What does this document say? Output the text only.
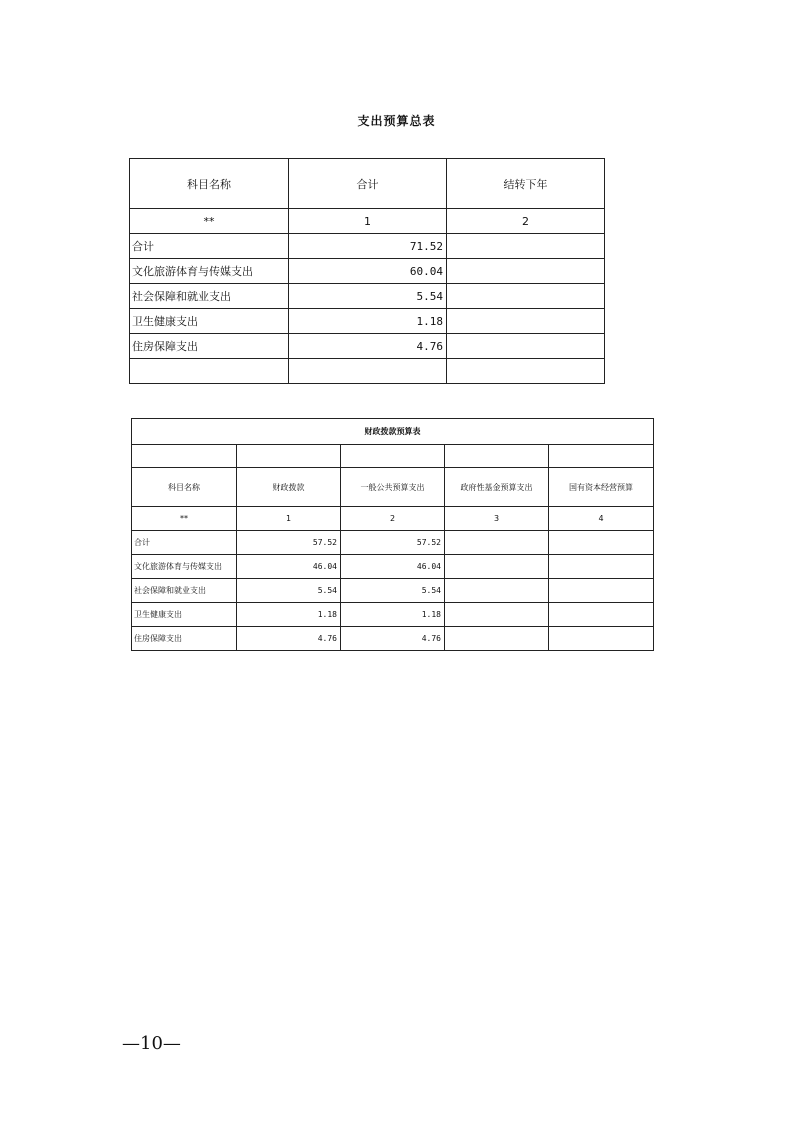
支出预算总表
科目名称	合计	结转下年
**	1	2
合计	71.52	
文化旅游体育与传媒支出	60.04	
社会保障和就业支出	5.54	
卫生健康支出	1.18	
住房保障支出	4.76	

财政拨款预算表				

科目名称	财政拨款	一般公共预算支出	政府性基金预算支出	国有资本经营预算
**	1	2	3	4
合计	57.52	57.52		
文化旅游体育与传媒支出	46.04	46.04		
社会保障和就业支出	5.54	5.54		
卫生健康支出	1.18	1.18		
住房保障支出	4.76	4.76		
—10—
